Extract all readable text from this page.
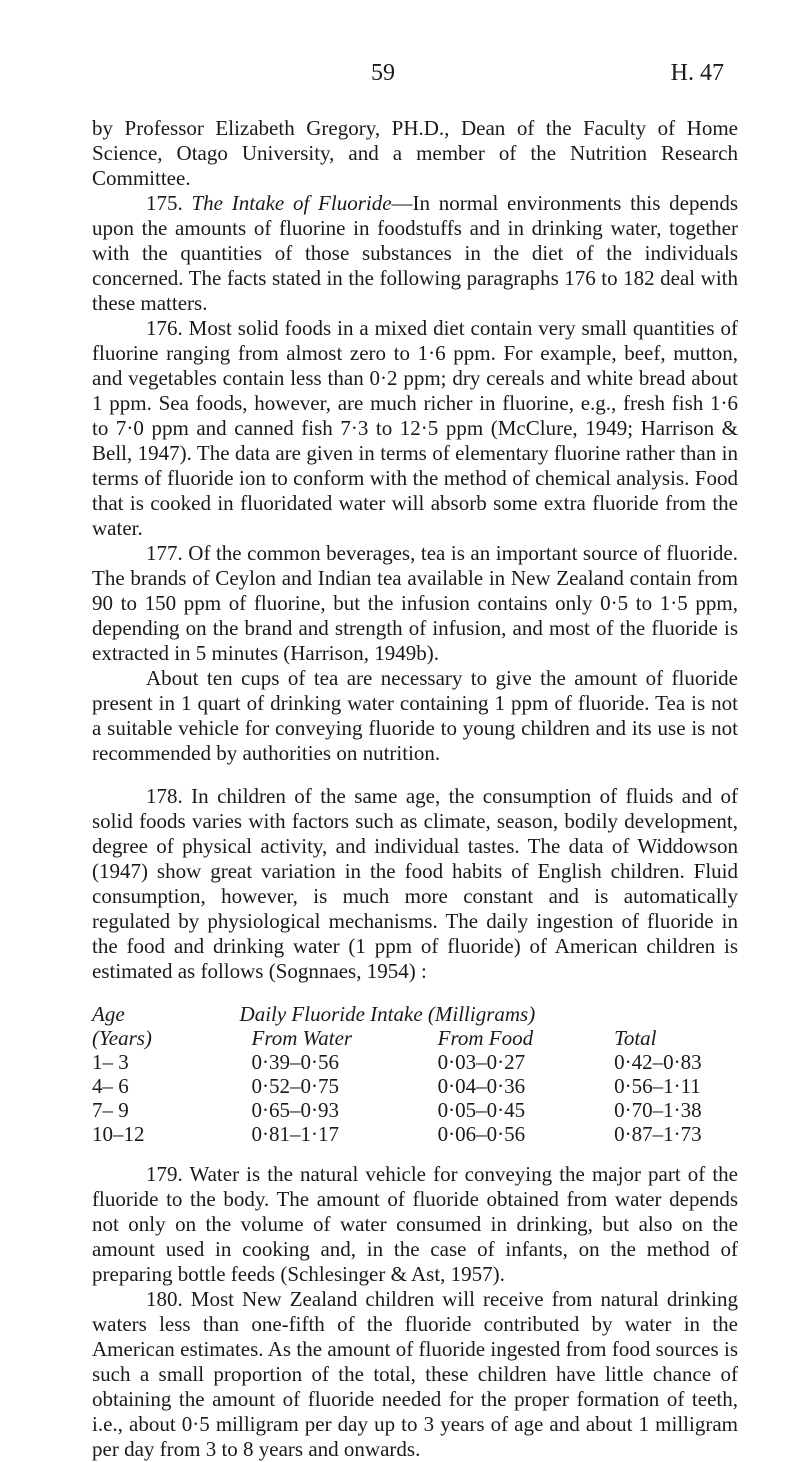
59	H. 47

by Professor Elizabeth Gregory, PH.D., Dean of the Faculty of Home Science, Otago University, and a member of the Nutrition Research Committee.

175. The Intake of Fluoride—In normal environments this depends upon the amounts of fluorine in foodstuffs and in drinking water, together with the quantities of those substances in the diet of the individuals concerned. The facts stated in the following paragraphs 176 to 182 deal with these matters.

176. Most solid foods in a mixed diet contain very small quantities of fluorine ranging from almost zero to 1·6 ppm. For example, beef, mutton, and vegetables contain less than 0·2 ppm; dry cereals and white bread about 1 ppm. Sea foods, however, are much richer in fluorine, e.g., fresh fish 1·6 to 7·0 ppm and canned fish 7·3 to 12·5 ppm (McClure, 1949; Harrison & Bell, 1947). The data are given in terms of elementary fluorine rather than in terms of fluoride ion to conform with the method of chemical analysis. Food that is cooked in fluoridated water will absorb some extra fluoride from the water.

177. Of the common beverages, tea is an important source of fluoride. The brands of Ceylon and Indian tea available in New Zealand contain from 90 to 150 ppm of fluorine, but the infusion contains only 0·5 to 1·5 ppm, depending on the brand and strength of infusion, and most of the fluoride is extracted in 5 minutes (Harrison, 1949b).

About ten cups of tea are necessary to give the amount of fluoride present in 1 quart of drinking water containing 1 ppm of fluoride. Tea is not a suitable vehicle for conveying fluoride to young children and its use is not recommended by authorities on nutrition.

178. In children of the same age, the consumption of fluids and of solid foods varies with factors such as climate, season, bodily development, degree of physical activity, and individual tastes. The data of Widdowson (1947) show great variation in the food habits of English children. Fluid consumption, however, is much more constant and is automatically regulated by physiological mechanisms. The daily ingestion of fluoride in the food and drinking water (1 ppm of fluoride) of American children is estimated as follows (Sognnaes, 1954) :

Age	Daily Fluoride Intake (Milligrams)		
(Years)	From Water	From Food	Total
1– 3	0·39–0·56	0·03–0·27	0·42–0·83
4– 6	0·52–0·75	0·04–0·36	0·56–1·11
7– 9	0·65–0·93	0·05–0·45	0·70–1·38
10–12	0·81–1·17	0·06–0·56	0·87–1·73

179. Water is the natural vehicle for conveying the major part of the fluoride to the body. The amount of fluoride obtained from water depends not only on the volume of water consumed in drinking, but also on the amount used in cooking and, in the case of infants, on the method of preparing bottle feeds (Schlesinger & Ast, 1957).

180. Most New Zealand children will receive from natural drinking waters less than one-fifth of the fluoride contributed by water in the American estimates. As the amount of fluoride ingested from food sources is such a small proportion of the total, these children have little chance of obtaining the amount of fluoride needed for the proper formation of teeth, i.e., about 0·5 milligram per day up to 3 years of age and about 1 milligram per day from 3 to 8 years and onwards.
